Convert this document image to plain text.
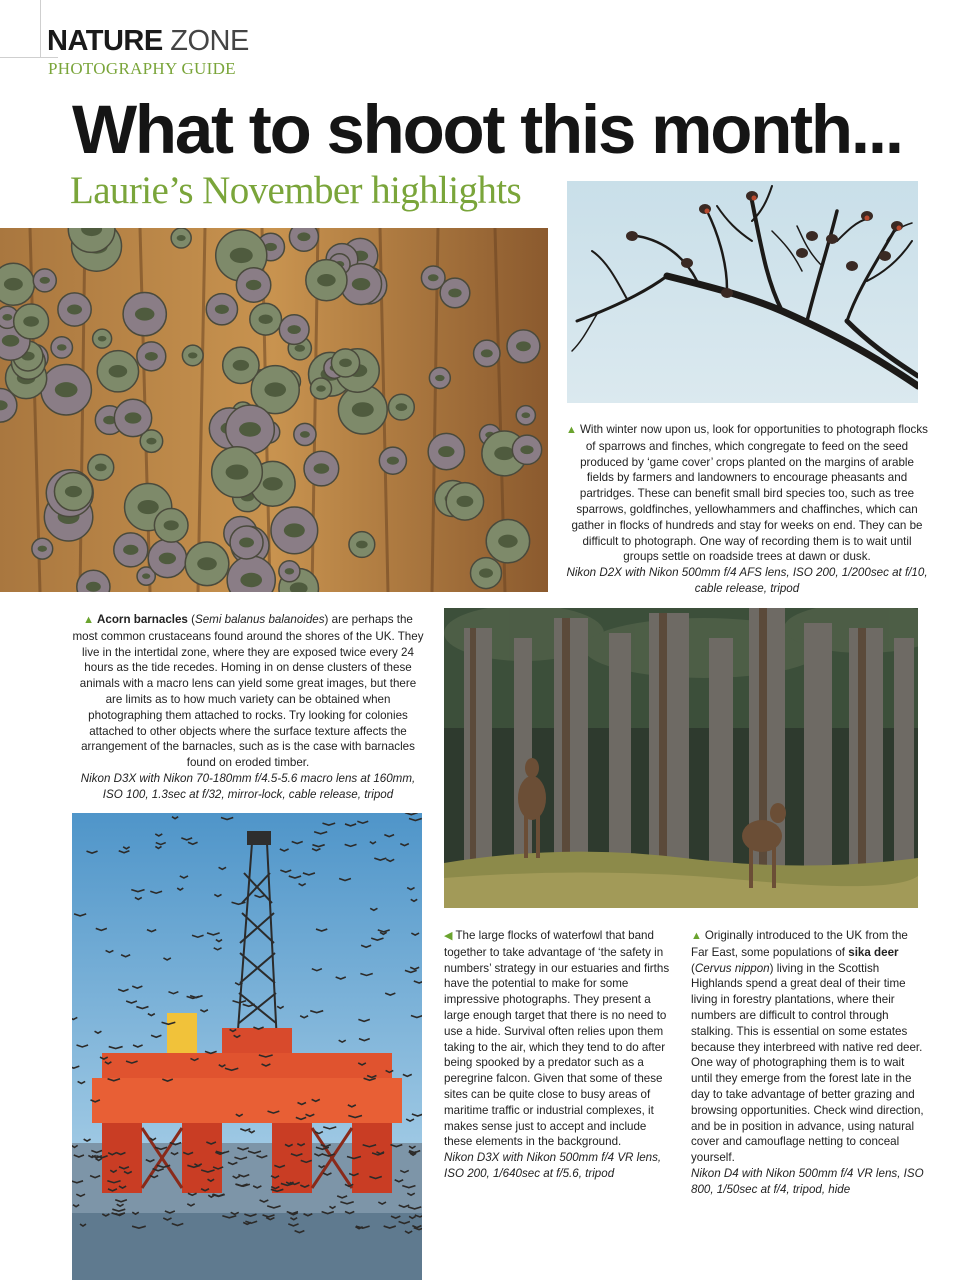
NATURE ZONE
PHOTOGRAPHY GUIDE
What to shoot this month...
Laurie’s November highlights
▲ With winter now upon us, look for opportunities to photograph flocks of sparrows and finches, which congregate to feed on the seed produced by ‘game cover’ crops planted on the margins of arable fields by farmers and landowners to encourage pheasants and partridges. These can benefit small bird species too, such as tree sparrows, goldfinches, yellowhammers and chaffinches, which can gather in flocks of hundreds and stay for weeks on end. They can be difficult to photograph. One way of recording them is to wait until groups settle on roadside trees at dawn or dusk.
Nikon D2X with Nikon 500mm f/4 AFS lens, ISO 200, 1/200sec at f/10, cable release, tripod
▲ Acorn barnacles (Semi balanus balanoides) are perhaps the most common crustaceans found around the shores of the UK. They live in the intertidal zone, where they are exposed twice every 24 hours as the tide recedes. Homing in on dense clusters of these animals with a macro lens can yield some great images, but there are limits as to how much variety can be obtained when photographing them attached to rocks. Try looking for colonies attached to other objects where the surface texture affects the arrangement of the barnacles, such as is the case with barnacles found on eroded timber.
Nikon D3X with Nikon 70-180mm f/4.5-5.6 macro lens at 160mm, ISO 100, 1.3sec at f/32, mirror-lock, cable release, tripod
◀ The large flocks of waterfowl that band together to take advantage of ‘the safety in numbers’ strategy in our estuaries and firths have the potential to make for some impressive photographs. They present a large enough target that there is no need to use a hide. Survival often relies upon them taking to the air, which they tend to do after being spooked by a predator such as a peregrine falcon. Given that some of these sites can be quite close to busy areas of maritime traffic or industrial complexes, it makes sense just to accept and include these elements in the background.
Nikon D3X with Nikon 500mm f/4 VR lens, ISO 200, 1/640sec at f/5.6, tripod
▲ Originally introduced to the UK from the Far East, some populations of sika deer (Cervus nippon) living in the Scottish Highlands spend a great deal of their time living in forestry plantations, where their numbers are difficult to control through stalking. This is essential on some estates because they interbreed with native red deer. One way of photographing them is to wait until they emerge from the forest late in the day to take advantage of better grazing and browsing opportunities. Check wind direction, and be in position in advance, using natural cover and camouflage netting to conceal yourself.
Nikon D4 with Nikon 500mm f/4 VR lens, ISO 800, 1/50sec at f/4, tripod, hide
